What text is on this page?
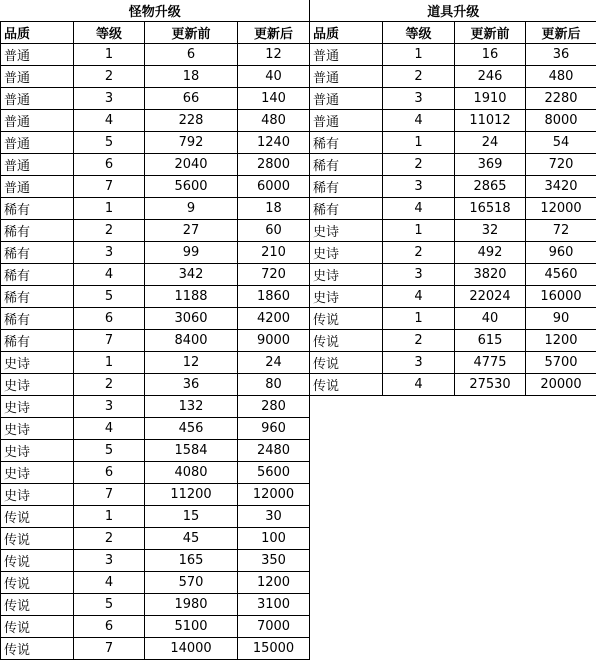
怪物升级			
品质	等级	更新前	更新后
普通	1	6	12
普通	2	18	40
普通	3	66	140
普通	4	228	480
普通	5	792	1240
普通	6	2040	2800
普通	7	5600	6000
稀有	1	9	18
稀有	2	27	60
稀有	3	99	210
稀有	4	342	720
稀有	5	1188	1860
稀有	6	3060	4200
稀有	7	8400	9000
史诗	1	12	24
史诗	2	36	80
史诗	3	132	280
史诗	4	456	960
史诗	5	1584	2480
史诗	6	4080	5600
史诗	7	11200	12000
传说	1	15	30
传说	2	45	100
传说	3	165	350
传说	4	570	1200
传说	5	1980	3100
传说	6	5100	7000
传说	7	14000	15000
道具升级			
品质	等级	更新前	更新后
普通	1	16	36
普通	2	246	480
普通	3	1910	2280
普通	4	11012	8000
稀有	1	24	54
稀有	2	369	720
稀有	3	2865	3420
稀有	4	16518	12000
史诗	1	32	72
史诗	2	492	960
史诗	3	3820	4560
史诗	4	22024	16000
传说	1	40	90
传说	2	615	1200
传说	3	4775	5700
传说	4	27530	20000
